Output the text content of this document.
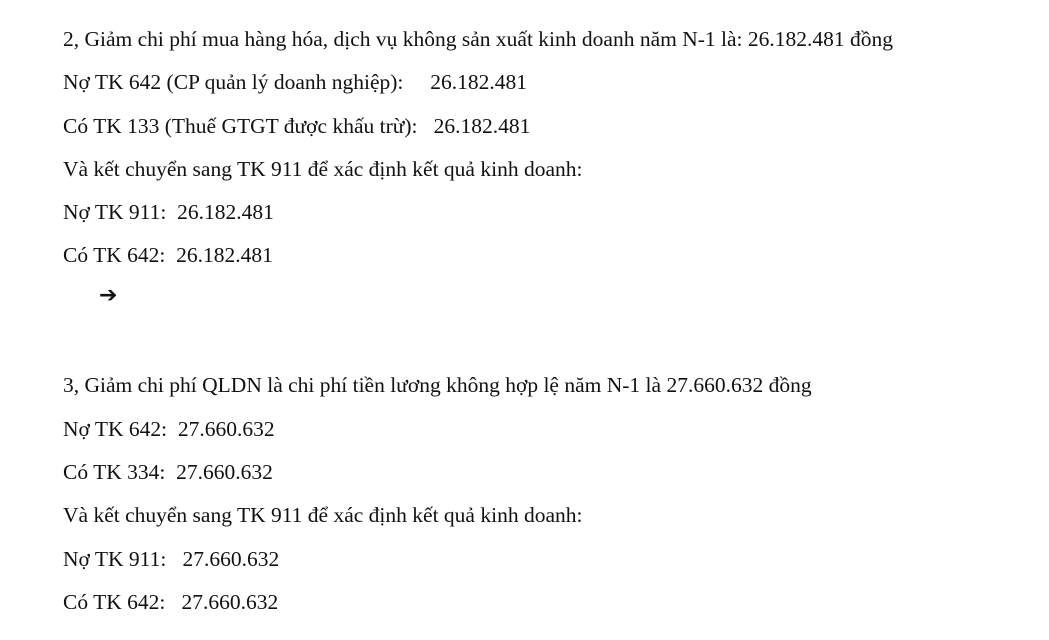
2, Giảm chi phí mua hàng hóa, dịch vụ không sản xuất kinh doanh năm N-1 là: 26.182.481 đồng

Nợ TK 642 (CP quản lý doanh nghiệp):     26.182.481

Có TK 133 (Thuế GTGT được khấu trừ):   26.182.481

Và kết chuyển sang TK 911 để xác định kết quả kinh doanh:

Nợ TK 911:  26.182.481

Có TK 642:  26.182.481

➔

3, Giảm chi phí QLDN là chi phí tiền lương không hợp lệ năm N-1 là 27.660.632 đồng

Nợ TK 642:  27.660.632

Có TK 334:  27.660.632

Và kết chuyển sang TK 911 để xác định kết quả kinh doanh:

Nợ TK 911:   27.660.632

Có TK 642:   27.660.632
